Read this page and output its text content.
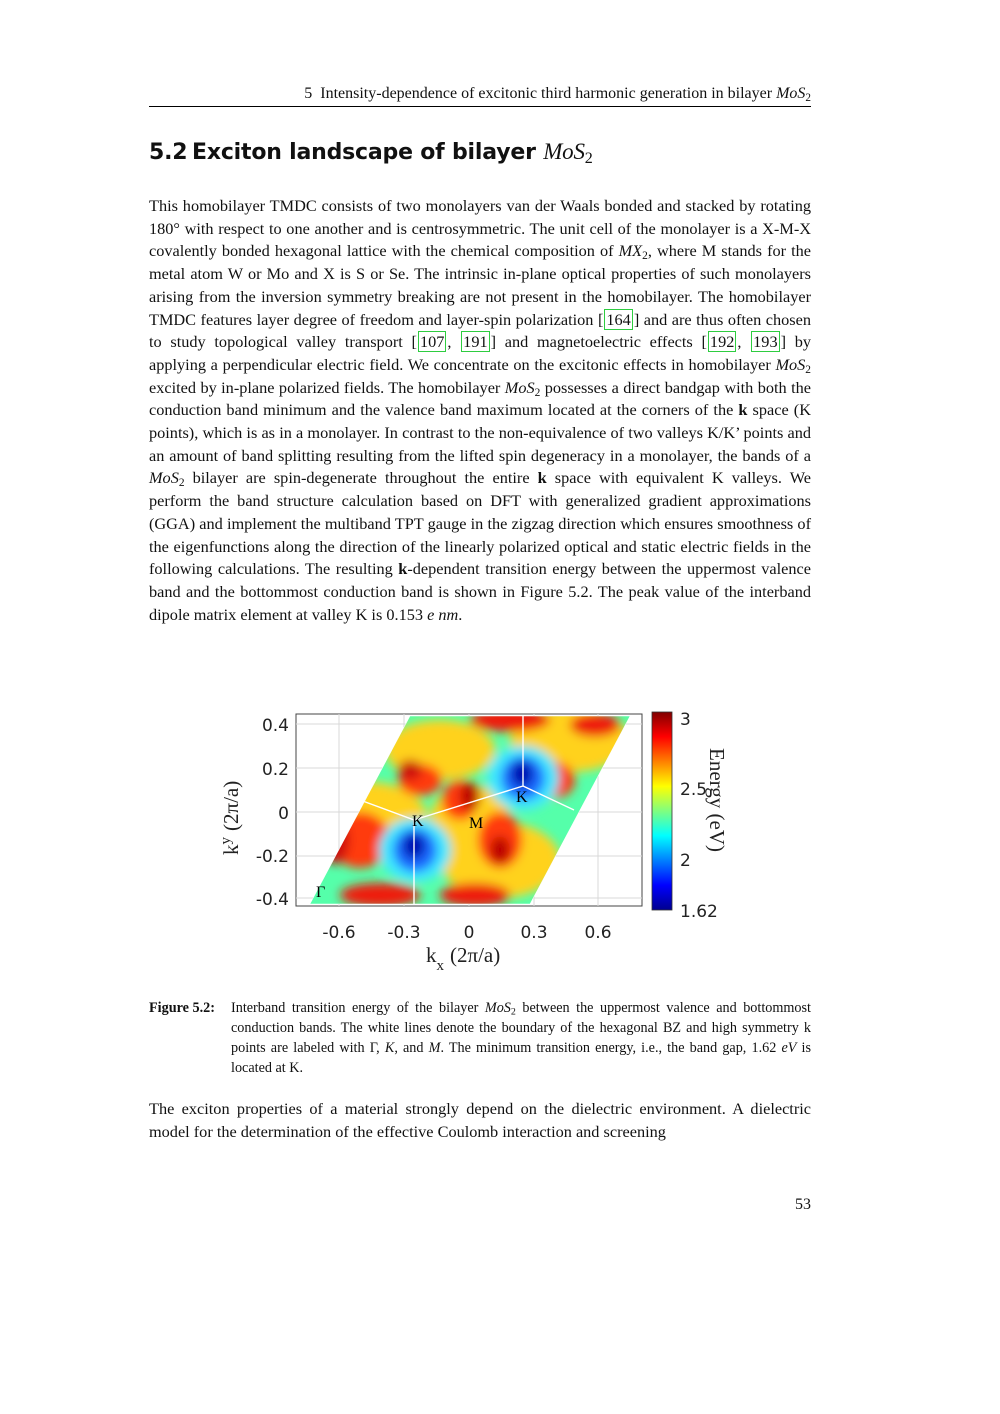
5 Intensity-dependence of excitonic third harmonic generation in bilayer MoS$_2$
5.2 Exciton landscape of bilayer MoS$_2$

This homobilayer TMDC consists of two monolayers van der Waals bonded and stacked by rotating 180° with respect to one another and is centrosymmetric. The unit cell of the monolayer is a X-M-X covalently bonded hexagonal lattice with the chemical composition of $MX_2$, where M stands for the metal atom W or Mo and X is S or Se. The intrinsic in-plane optical properties of such monolayers arising from the inversion symmetry breaking are not present in the homobilayer. The homobilayer TMDC features layer degree of freedom and layer-spin polarization [ 164 ] and are thus often chosen to study topological valley transport [ 107 , 191 ] and magnetoelectric effects [ 192 , 193 ] by applying a perpendicular electric field. We concentrate on the excitonic effects in homobilayer MoS$_2$ excited by in-plane polarized fields. The homobilayer MoS$_2$ possesses a direct bandgap with both the conduction band minimum and the valence band maximum located at the corners of the k space (K points), which is as in a monolayer. In contrast to the non-equivalence of two valleys K/K’ points and an amount of band splitting resulting from the lifted spin degeneracy in a monolayer, the bands of a MoS$_2$ bilayer are spin-degenerate throughout the entire k space with equivalent K valleys. We perform the band structure calculation based on DFT with generalized gradient approximations (GGA) and implement the multiband TPT gauge in the zigzag direction which ensures smoothness of the eigenfunctions along the direction of the linearly polarized optical and static electric fields in the following calculations. The resulting k-dependent transition energy between the uppermost valence band and the bottommost conduction band is shown in Figure 5.2. The peak value of the interband dipole matrix element at valley K is 0.153 e nm.

Γ
K	M
K
0.4
0.2
0
-0.2
-0.4
-0.6 -0.3	0	0.3 0.6
$k_x$ (2π/a)
$k^y(2\pi/a)$
3
2.5
2
1.62
Energy (eV)
Figure 5.2:	Interband transition energy of the bilayer MoS$_2$ between the uppermost valence and bottommost conduction bands. The white lines denote the boundary of the hexagonal BZ and high symmetry k points are labeled with Γ, K, and M. The minimum transition energy, i.e., the band gap, 1.62 eV is located at K.

The exciton properties of a material strongly depend on the dielectric environment. A dielectric model for the determination of the effective Coulomb interaction and screening

53
